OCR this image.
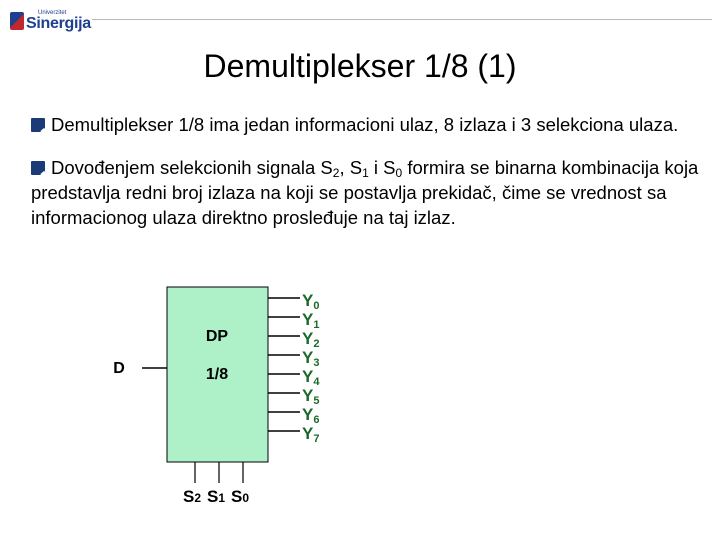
Univerzitet
Sinergija
Demultiplekser 1/8 (1)
Demultiplekser 1/8 ima jedan informacioni ulaz, 8 izlaza i 3 selekciona ulaza.
Dovođenjem selekcionih signala $S_2$, $S_1$ i $S_0$ formira se binarna kombinacija koja predstavlja redni broj izlaza na koji se postavlja prekidač, čime se vrednost sa informacionog ulaza direktno prosleđuje na taj izlaz.
DP
1/8
D
Y0
Y1
Y2
Y3
Y4
Y5
Y6
Y7
S2 S1 S0
